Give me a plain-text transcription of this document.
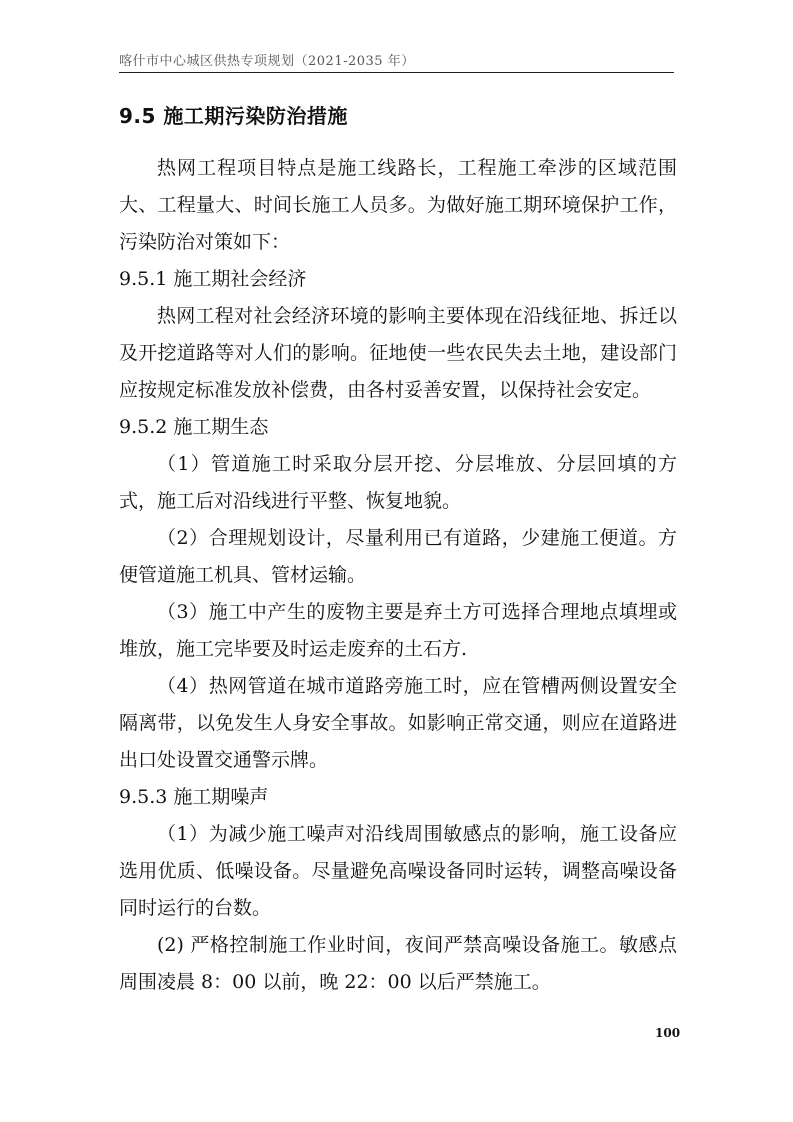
喀什市中心城区供热专项规划（2021-2035 年）
9.5 施工期污染防治措施

热网工程项目特点是施工线路长，工程施工牵涉的区域范围大、工程量大、时间长施工人员多。为做好施工期环境保护工作，污染防治对策如下：

9.5.1 施工期社会经济

热网工程对社会经济环境的影响主要体现在沿线征地、拆迁以及开挖道路等对人们的影响。征地使一些农民失去土地，建设部门应按规定标准发放补偿费，由各村妥善安置，以保持社会安定。

9.5.2 施工期生态

（1）管道施工时采取分层开挖、分层堆放、分层回填的方式，施工后对沿线进行平整、恢复地貌。

（2）合理规划设计，尽量利用已有道路，少建施工便道。方便管道施工机具、管材运输。

（3）施工中产生的废物主要是弃土方可选择合理地点填埋或堆放，施工完毕要及时运走废弃的土石方.

（4）热网管道在城市道路旁施工时，应在管槽两侧设置安全隔离带，以免发生人身安全事故。如影响正常交通，则应在道路进出口处设置交通警示牌。

9.5.3 施工期噪声

（1）为减少施工噪声对沿线周围敏感点的影响，施工设备应选用优质、低噪设备。尽量避免高噪设备同时运转，调整高噪设备同时运行的台数。

(2) 严格控制施工作业时间，夜间严禁高噪设备施工。敏感点周围凌晨 8：00 以前，晚 22：00 以后严禁施工。

100
